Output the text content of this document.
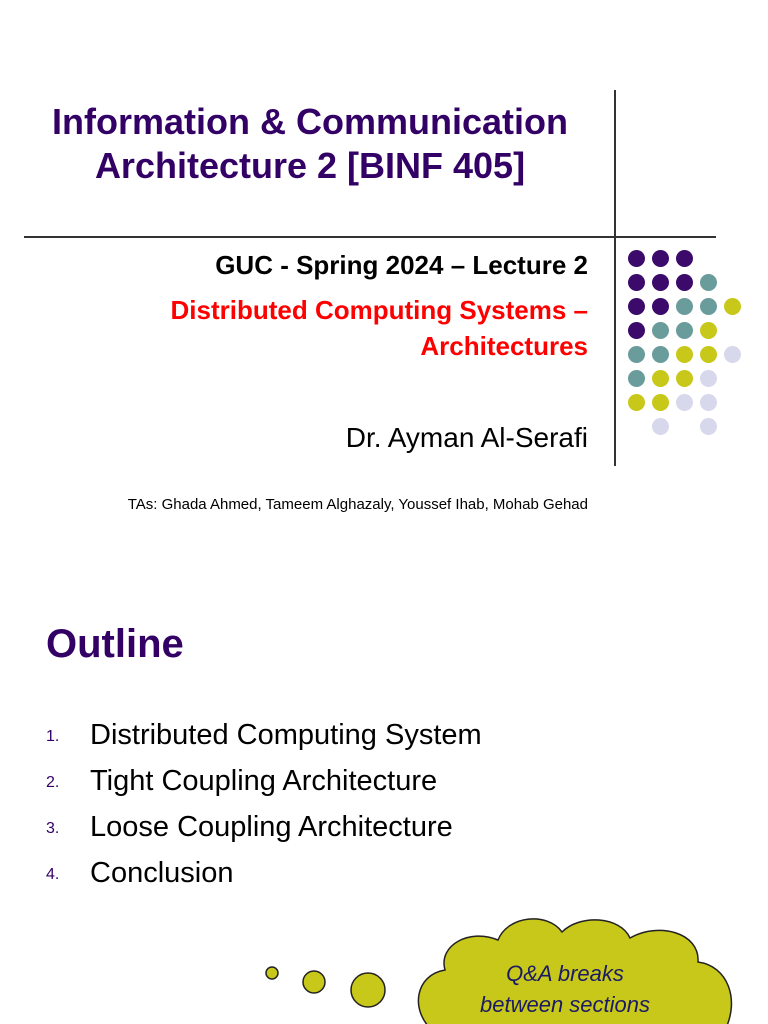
Information & Communication
Architecture 2 [BINF 405]
GUC - Spring 2024 – Lecture 2
Distributed Computing Systems –
Architectures
Dr. Ayman Al-Serafi
TAs: Ghada Ahmed, Tameem Alghazaly, Youssef Ihab, Mohab Gehad
Outline
1. Distributed Computing System
2. Tight Coupling Architecture
3. Loose Coupling Architecture
4. Conclusion
Q&A breaks
between sections
